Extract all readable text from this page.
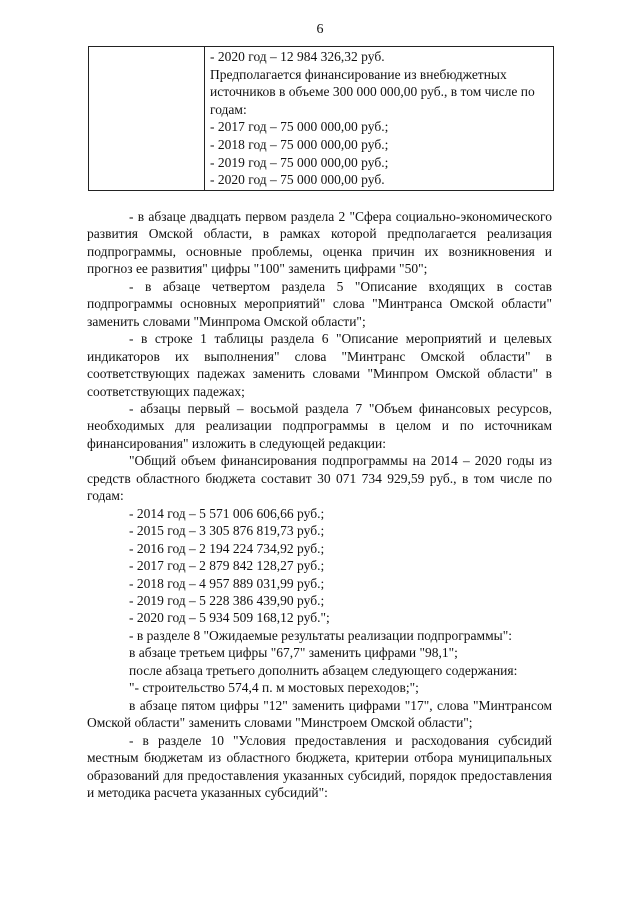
6

- 2020 год – 12 984 326,32 руб.
Предполагается финансирование из внебюджетных
источников в объеме 300 000 000,00 руб., в том числе по
годам:
- 2017 год – 75 000 000,00 руб.;
- 2018 год – 75 000 000,00 руб.;
- 2019 год – 75 000 000,00 руб.;
- 2020 год – 75 000 000,00 руб.

- в абзаце двадцать первом раздела 2 "Сфера социально-экономического развития Омской области, в рамках которой предполагается реализация подпрограммы, основные проблемы, оценка причин их возникновения и прогноз ее развития" цифры "100" заменить цифрами "50";

- в абзаце четвертом раздела 5 "Описание входящих в состав подпрограммы основных мероприятий" слова "Минтранса Омской области" заменить словами "Минпрома Омской области";

- в строке 1 таблицы раздела 6 "Описание мероприятий и целевых индикаторов их выполнения" слова "Минтранс Омской области" в соответствующих падежах заменить словами "Минпром Омской области" в соответствующих падежах;

- абзацы первый – восьмой раздела 7 "Объем финансовых ресурсов, необходимых для реализации подпрограммы в целом и по источникам финансирования" изложить в следующей редакции:

"Общий объем финансирования подпрограммы на 2014 – 2020 годы из средств областного бюджета составит 30 071 734 929,59 руб., в том числе по годам:

- 2014 год – 5 571 006 606,66 руб.;

- 2015 год – 3 305 876 819,73 руб.;

- 2016 год – 2 194 224 734,92 руб.;

- 2017 год – 2 879 842 128,27 руб.;

- 2018 год – 4 957 889 031,99 руб.;

- 2019 год – 5 228 386 439,90 руб.;

- 2020 год – 5 934 509 168,12 руб.";

- в разделе 8 "Ожидаемые результаты реализации подпрограммы":

в абзаце третьем цифры "67,7" заменить цифрами "98,1";

после абзаца третьего дополнить абзацем следующего содержания:

"- строительство 574,4 п. м мостовых переходов;";

в абзаце пятом цифры "12" заменить цифрами "17", слова "Минтрансом Омской области" заменить словами "Минстроем Омской области";

- в разделе 10 "Условия предоставления и расходования субсидий местным бюджетам из областного бюджета, критерии отбора муниципальных образований для предоставления указанных субсидий, порядок предоставления и методика расчета указанных субсидий":
